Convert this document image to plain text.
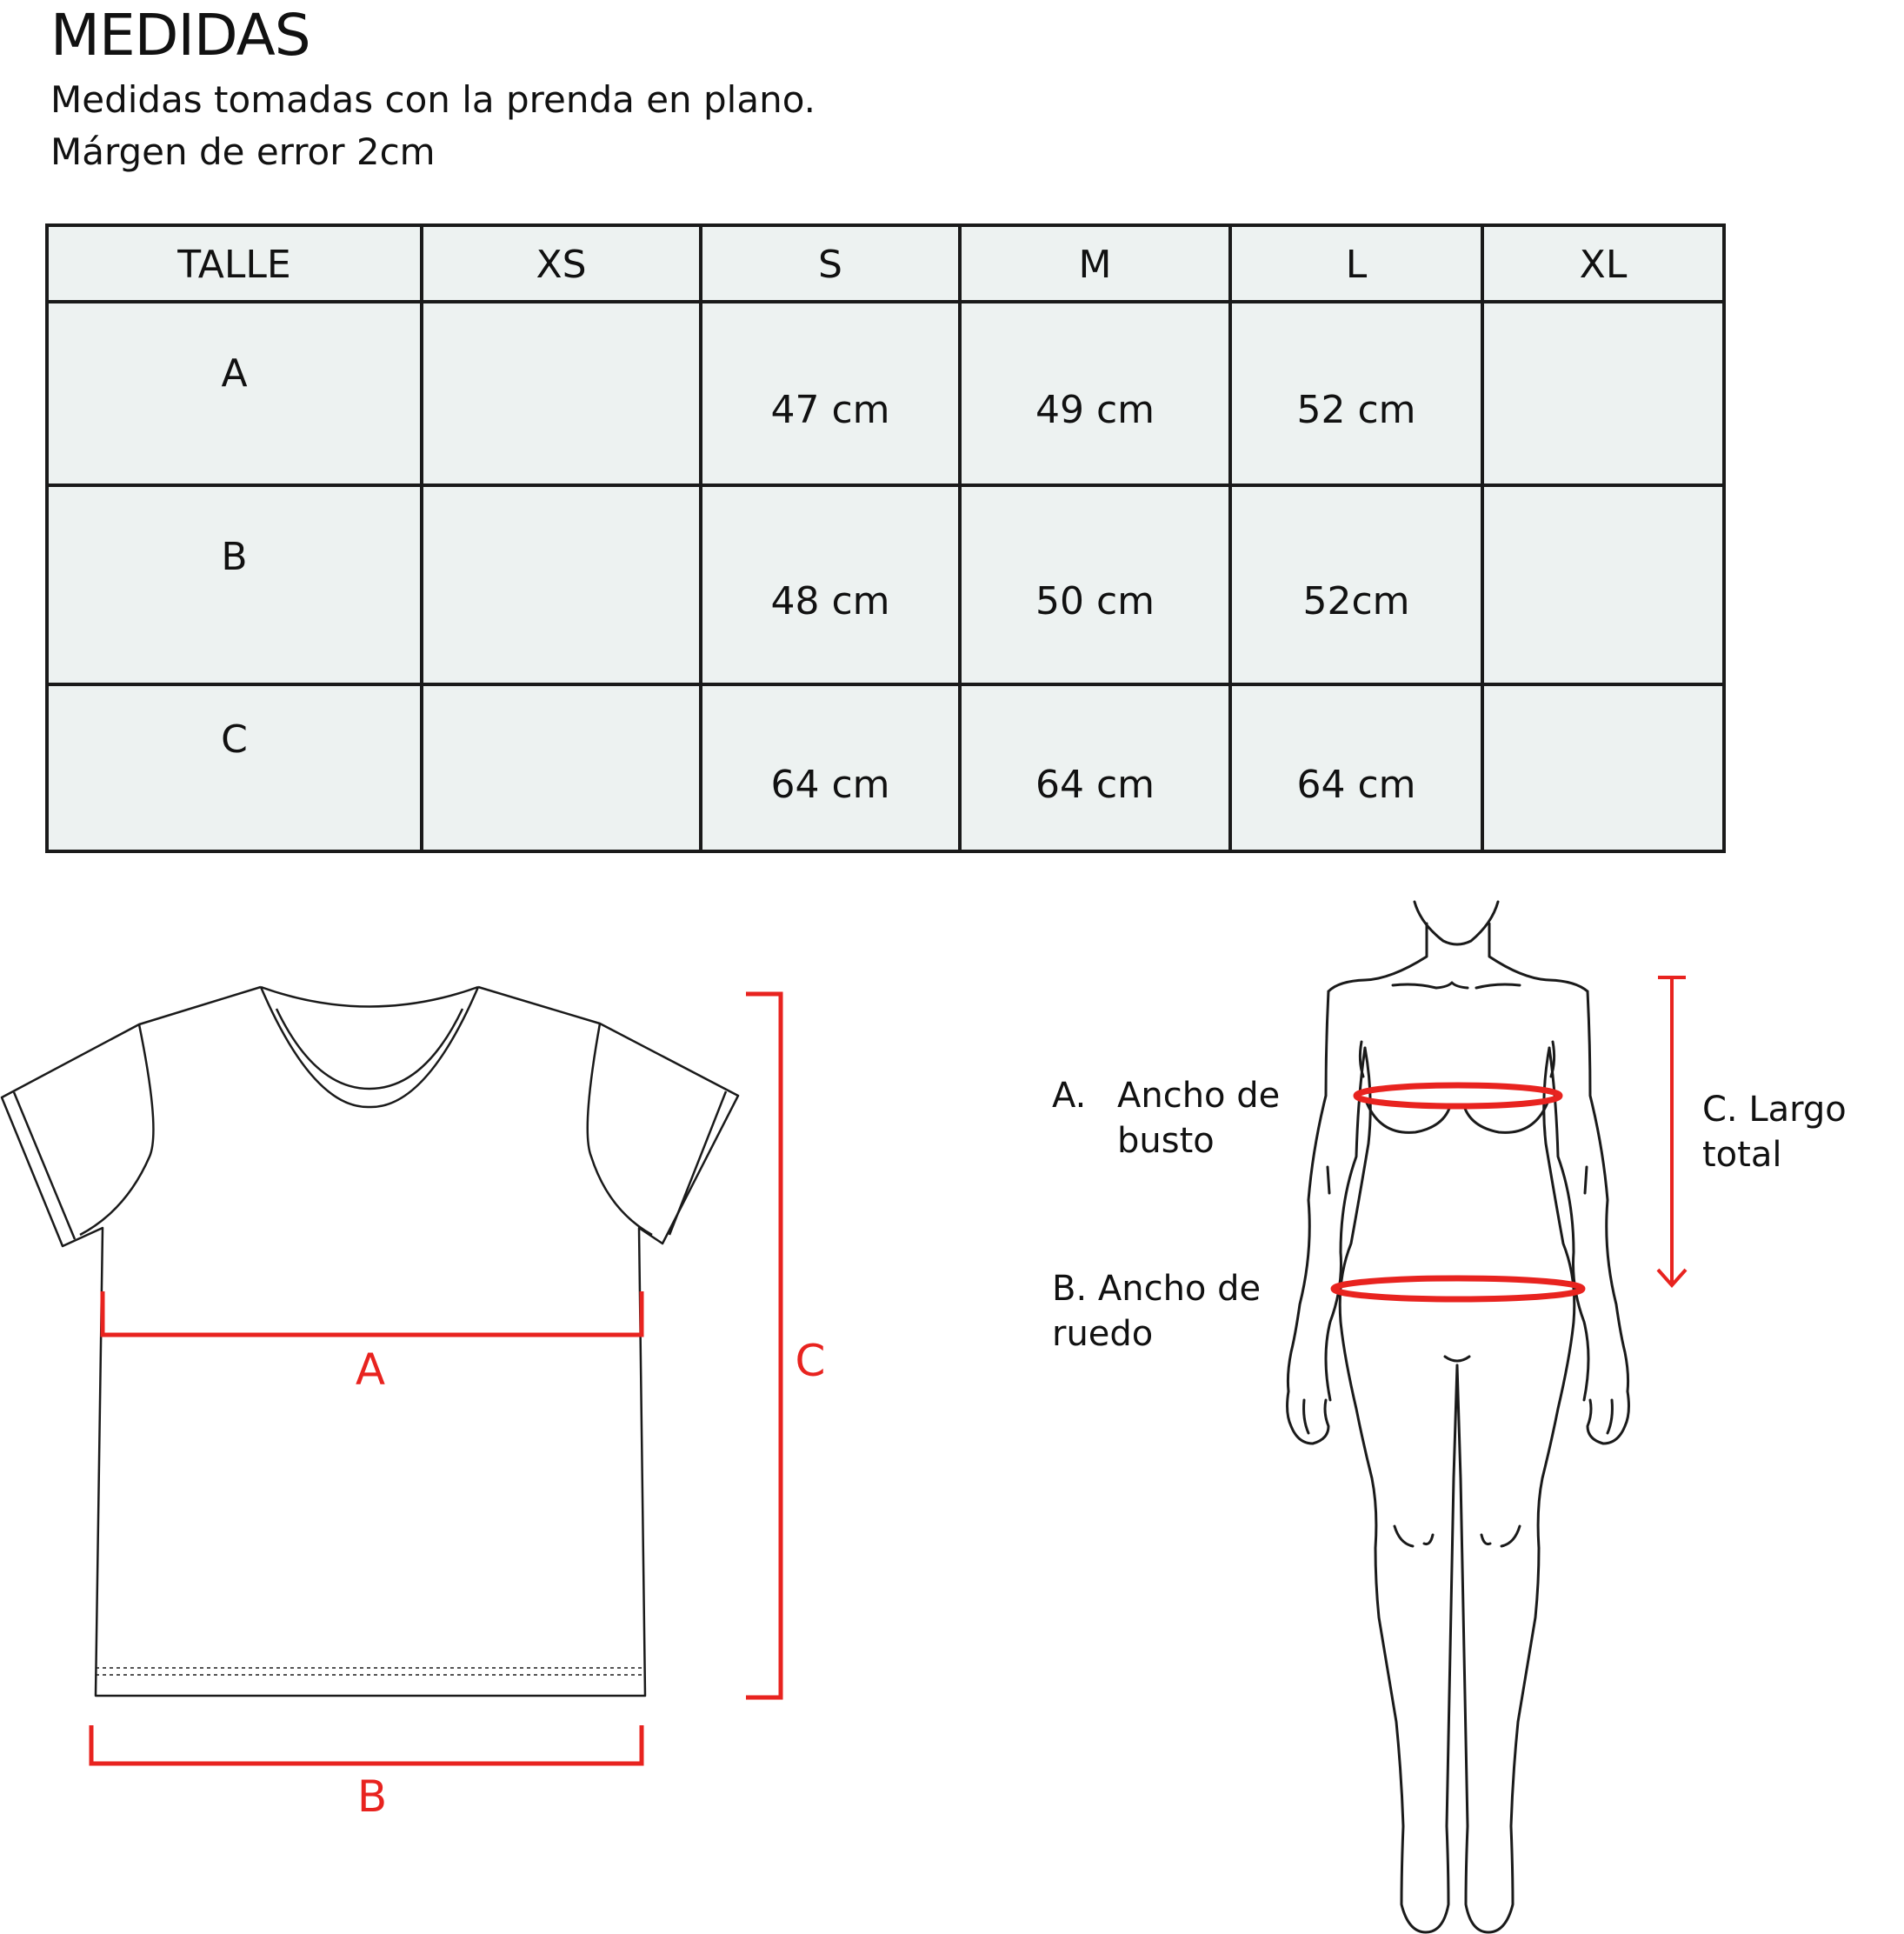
MEDIDAS

Medidas tomadas con la prenda en plano.

Márgen de error 2cm

TALLE	XS	S	M	L	XL
A		47 cm	49 cm	52 cm	
B		48 cm	50 cm	52cm	
C		64 cm	64 cm	64 cm	
A
B
C
A. Ancho de
busto
B. Ancho de
ruedo
C. Largo
total
